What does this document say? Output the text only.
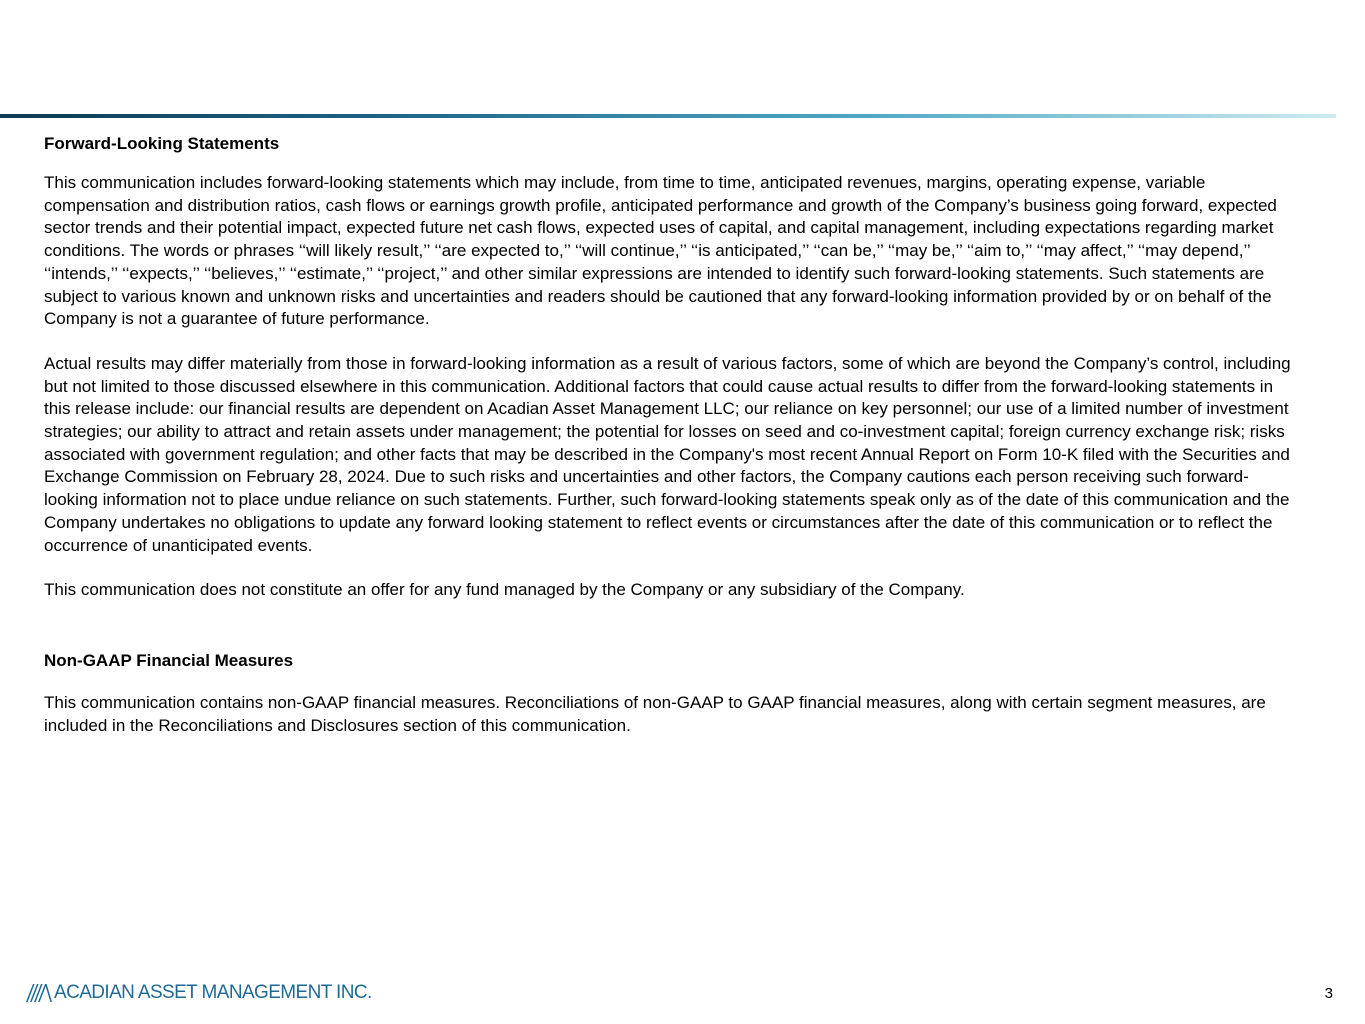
Forward-Looking Statements

This communication includes forward-looking statements which may include, from time to time, anticipated revenues, margins, operating expense, variable compensation and distribution ratios, cash flows or earnings growth profile, anticipated performance and growth of the Company’s business going forward, expected sector trends and their potential impact, expected future net cash flows, expected uses of capital, and capital management, including expectations regarding market conditions. The words or phrases ‘‘will likely result,’’ ‘‘are expected to,’’ ‘‘will continue,’’ ‘‘is anticipated,’’ ‘‘can be,’’ ‘‘may be,’’ ‘‘aim to,’’ ‘‘may affect,’’ ‘‘may depend,’’ ‘‘intends,’’ ‘‘expects,’’ ‘‘believes,’’ ‘‘estimate,’’ ‘‘project,’’ and other similar expressions are intended to identify such forward-looking statements. Such statements are subject to various known and unknown risks and uncertainties and readers should be cautioned that any forward-looking information provided by or on behalf of the Company is not a guarantee of future performance.

Actual results may differ materially from those in forward-looking information as a result of various factors, some of which are beyond the Company’s control, including but not limited to those discussed elsewhere in this communication. Additional factors that could cause actual results to differ from the forward-looking statements in this release include: our financial results are dependent on Acadian Asset Management LLC; our reliance on key personnel; our use of a limited number of investment strategies; our ability to attract and retain assets under management; the potential for losses on seed and co-investment capital; foreign currency exchange risk; risks associated with government regulation; and other facts that may be described in the Company's most recent Annual Report on Form 10-K filed with the Securities and Exchange Commission on February 28, 2024. Due to such risks and uncertainties and other factors, the Company cautions each person receiving such forward-looking information not to place undue reliance on such statements. Further, such forward-looking statements speak only as of the date of this communication and the Company undertakes no obligations to update any forward looking statement to reflect events or circumstances after the date of this communication or to reflect the occurrence of unanticipated events.

This communication does not constitute an offer for any fund managed by the Company or any subsidiary of the Company.

Non-GAAP Financial Measures

This communication contains non-GAAP financial measures. Reconciliations of non-GAAP to GAAP financial measures, along with certain segment measures, are included in the Reconciliations and Disclosures section of this communication.

ACADIAN ASSET MANAGEMENT INC.	3
